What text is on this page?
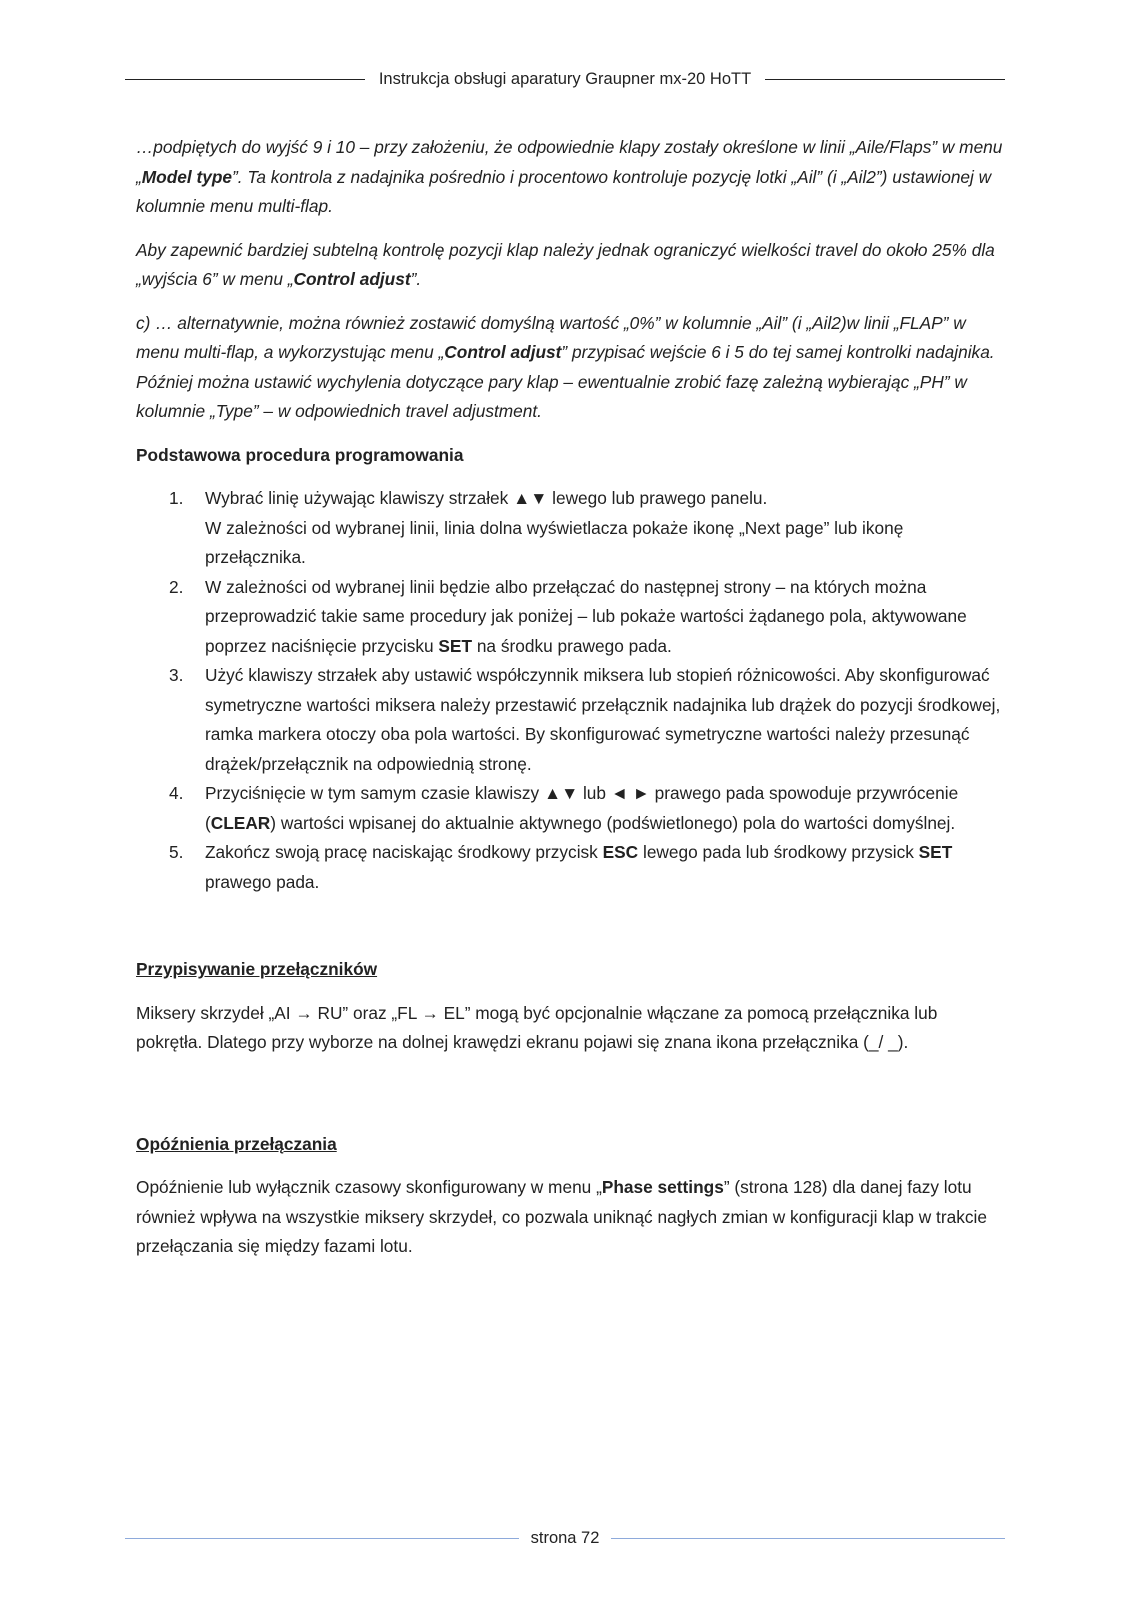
Instrukcja obsługi aparatury Graupner mx-20 HoTT

…podpiętych do wyjść 9 i 10 – przy założeniu, że odpowiednie klapy zostały określone w linii „Aile/Flaps” w menu „Model type”. Ta kontrola z nadajnika pośrednio i procentowo kontroluje pozycję lotki „Ail” (i „Ail2”) ustawionej w kolumnie menu multi-flap.

Aby zapewnić bardziej subtelną kontrolę pozycji klap należy jednak ograniczyć wielkości travel do około 25% dla „wyjścia 6” w menu „Control adjust”.

c) … alternatywnie, można również zostawić domyślną wartość „0%” w kolumnie „Ail” (i „Ail2)w linii „FLAP” w menu multi-flap, a wykorzystując menu „Control adjust” przypisać wejście 6 i 5 do tej samej kontrolki nadajnika. Później można ustawić wychylenia dotyczące pary klap – ewentualnie zrobić fazę zależną wybierając „PH” w kolumnie „Type” – w odpowiednich travel adjustment.

Podstawowa procedura programowania
1. Wybrać linię używając klawiszy strzałek ▲▼ lewego lub prawego panelu.
W zależności od wybranej linii, linia dolna wyświetlacza pokaże ikonę „Next page” lub ikonę przełącznika.
2. W zależności od wybranej linii będzie albo przełączać do następnej strony – na których można przeprowadzić takie same procedury jak poniżej – lub pokaże wartości żądanego pola, aktywowane poprzez naciśnięcie przycisku SET na środku prawego pada.
3. Użyć klawiszy strzałek aby ustawić współczynnik miksera lub stopień różnicowości. Aby skonfigurować symetryczne wartości miksera należy przestawić przełącznik nadajnika lub drążek do pozycji środkowej, ramka markera otoczy oba pola wartości. By skonfigurować symetryczne wartości należy przesunąć drążek/przełącznik na odpowiednią stronę.
4. Przyciśnięcie w tym samym czasie klawiszy ▲▼ lub ◄ ► prawego pada spowoduje przywrócenie (CLEAR) wartości wpisanej do aktualnie aktywnego (podświetlonego) pola do wartości domyślnej.
5. Zakończ swoją pracę naciskając środkowy przycisk ESC lewego pada lub środkowy przysick SET prawego pada.
Przypisywanie przełączników

Miksery skrzydeł „AI → RU” oraz „FL → EL” mogą być opcjonalnie włączane za pomocą przełącznika lub pokrętła. Dlatego przy wyborze na dolnej krawędzi ekranu pojawi się znana ikona przełącznika (_/ _).

Opóźnienia przełączania

Opóźnienie lub wyłącznik czasowy skonfigurowany w menu „Phase settings” (strona 128) dla danej fazy lotu również wpływa na wszystkie miksery skrzydeł, co pozwala uniknąć nagłych zmian w konfiguracji klap w trakcie przełączania się między fazami lotu.

strona 72
